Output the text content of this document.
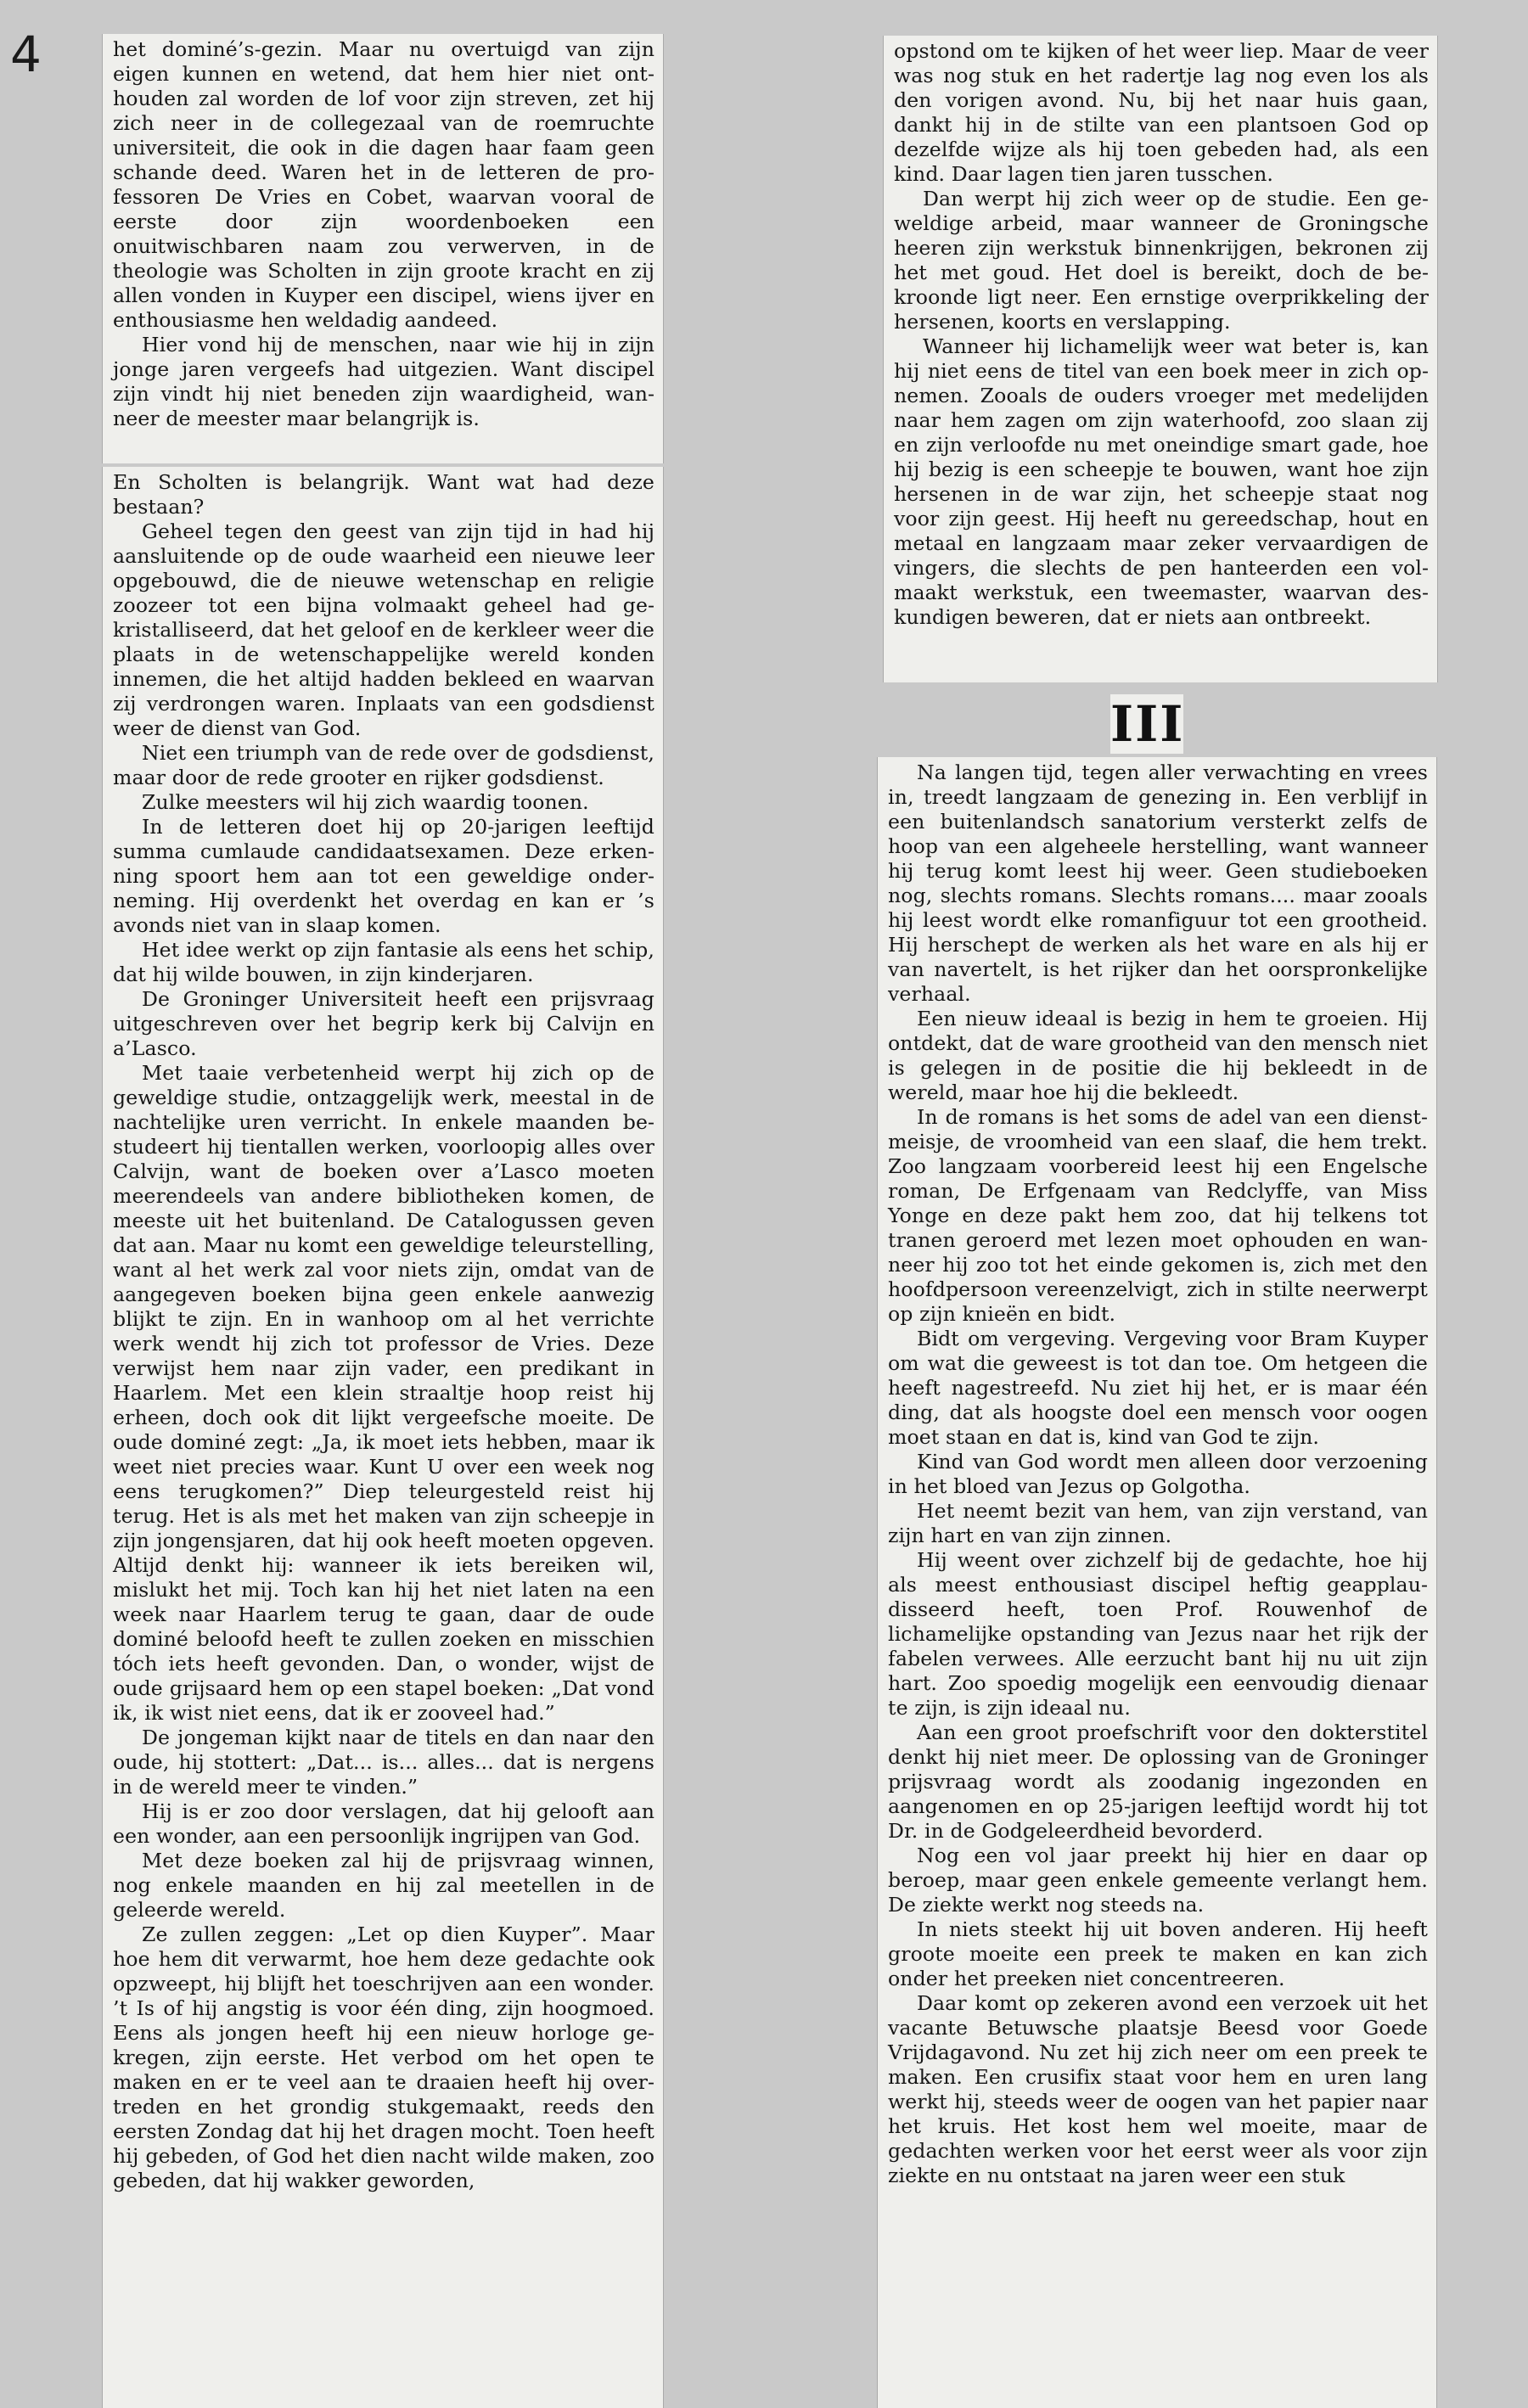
4	het dominé’s-gezin. Maar nu overtuigd van zijn eigen kunnen en wetend, dat hem hier niet onthouden zal worden de lof voor zijn streven, zet hij zich neer in de collegezaal van de roemruchte universiteit, die ook in die dagen haar faam geen schande deed. Waren het in de letteren de professoren De Vries en Cobet, waarvan vooral de eerste door zijn woordenboeken een onuitwischbaren naam zou verwerven, in de theologie was Scholten in zijn groote kracht en zij allen vonden in Kuyper een discipel, wiens ijver en enthousiasme hen weldadig aandeed.

Hier vond hij de menschen, naar wie hij in zijn jonge jaren vergeefs had uitgezien. Want discipel zijn vindt hij niet beneden zijn waardigheid, wanneer de meester maar belangrijk is.

En Scholten is belangrijk. Want wat had deze bestaan?

Geheel tegen den geest van zijn tijd in had hij aansluitende op de oude waarheid een nieuwe leer opgebouwd, die de nieuwe wetenschap en religie zoozeer tot een bijna volmaakt geheel had gekristalliseerd, dat het geloof en de kerkleer weer die plaats in de wetenschappelijke wereld konden innemen, die het altijd hadden bekleed en waarvan zij verdrongen waren. Inplaats van een godsdienst weer de dienst van God.

Niet een triumph van de rede over de godsdienst, maar door de rede grooter en rijker godsdienst.

Zulke meesters wil hij zich waardig toonen.

In de letteren doet hij op 20-jarigen leeftijd summa cumlaude candidaatsexamen. Deze erkenning spoort hem aan tot een geweldige onderneming. Hij overdenkt het overdag en kan er ’s avonds niet van in slaap komen.

Het idee werkt op zijn fantasie als eens het schip, dat hij wilde bouwen, in zijn kinderjaren.

De Groninger Universiteit heeft een prijsvraag uitgeschreven over het begrip kerk bij Calvijn en a’Lasco.

Met taaie verbetenheid werpt hij zich op de geweldige studie, ontzaggelijk werk, meestal in de nachtelijke uren verricht. In enkele maanden bestudeert hij tientallen werken, voorloopig alles over Calvijn, want de boeken over a’Lasco moeten meerendeels van andere bibliotheken komen, de meeste uit het buitenland. De Catalogussen geven dat aan. Maar nu komt een geweldige teleurstelling, want al het werk zal voor niets zijn, omdat van de aangegeven boeken bijna geen enkele aanwezig blijkt te zijn. En in wanhoop om al het verrichte werk wendt hij zich tot professor de Vries. Deze verwijst hem naar zijn vader, een predikant in Haarlem. Met een klein straaltje hoop reist hij erheen, doch ook dit lijkt vergeefsche moeite. De oude dominé zegt: „Ja, ik moet iets hebben, maar ik weet niet precies waar. Kunt U over een week nog eens terugkomen?” Diep teleurgesteld reist hij terug. Het is als met het maken van zijn scheepje in zijn jongensjaren, dat hij ook heeft moeten opgeven. Altijd denkt hij: wanneer ik iets bereiken wil, mislukt het mij. Toch kan hij het niet laten na een week naar Haarlem terug te gaan, daar de oude dominé beloofd heeft te zullen zoeken en misschien tóch iets heeft gevonden. Dan, o wonder, wijst de oude grijsaard hem op een stapel boeken: „Dat vond ik, ik wist niet eens, dat ik er zooveel had.”

De jongeman kijkt naar de titels en dan naar den oude, hij stottert: „Dat... is... alles... dat is nergens in de wereld meer te vinden.”

Hij is er zoo door verslagen, dat hij gelooft aan een wonder, aan een persoonlijk ingrijpen van God.

Met deze boeken zal hij de prijsvraag winnen, nog enkele maanden en hij zal meetellen in de geleerde wereld.

Ze zullen zeggen: „Let op dien Kuyper”. Maar hoe hem dit verwarmt, hoe hem deze gedachte ook opzweept, hij blijft het toeschrijven aan een wonder. ’t Is of hij angstig is voor één ding, zijn hoogmoed. Eens als jongen heeft hij een nieuw horloge gekregen, zijn eerste. Het verbod om het open te maken en er te veel aan te draaien heeft hij overtreden en het grondig stukgemaakt, reeds den eersten Zondag dat hij het dragen mocht. Toen heeft hij gebeden, of God het dien nacht wilde maken, zoo gebeden, dat hij wakker geworden,

opstond om te kijken of het weer liep. Maar de veer was nog stuk en het radertje lag nog even los als den vorigen avond. Nu, bij het naar huis gaan, dankt hij in de stilte van een plantsoen God op dezelfde wijze als hij toen gebeden had, als een kind. Daar lagen tien jaren tusschen.

Dan werpt hij zich weer op de studie. Een geweldige arbeid, maar wanneer de Groningsche heeren zijn werkstuk binnenkrijgen, bekronen zij het met goud. Het doel is bereikt, doch de bekroonde ligt neer. Een ernstige overprikkeling der hersenen, koorts en verslapping.

Wanneer hij lichamelijk weer wat beter is, kan hij niet eens de titel van een boek meer in zich opnemen. Zooals de ouders vroeger met medelijden naar hem zagen om zijn waterhoofd, zoo slaan zij en zijn verloofde nu met oneindige smart gade, hoe hij bezig is een scheepje te bouwen, want hoe zijn hersenen in de war zijn, het scheepje staat nog voor zijn geest. Hij heeft nu gereedschap, hout en metaal en langzaam maar zeker vervaardigen de vingers, die slechts de pen hanteerden een volmaakt werkstuk, een tweemaster, waarvan deskundigen beweren, dat er niets aan ontbreekt.

III

Na langen tijd, tegen aller verwachting en vrees in, treedt langzaam de genezing in. Een verblijf in een buitenlandsch sanatorium versterkt zelfs de hoop van een algeheele herstelling, want wanneer hij terug komt leest hij weer. Geen studieboeken nog, slechts romans. Slechts romans.... maar zooals hij leest wordt elke romanfiguur tot een grootheid. Hij herschept de werken als het ware en als hij er van navertelt, is het rijker dan het oorspronkelijke verhaal.

Een nieuw ideaal is bezig in hem te groeien. Hij ontdekt, dat de ware grootheid van den mensch niet is gelegen in de positie die hij bekleedt in de wereld, maar hoe hij die bekleedt.

In de romans is het soms de adel van een dienstmeisje, de vroomheid van een slaaf, die hem trekt. Zoo langzaam voorbereid leest hij een Engelsche roman, De Erfgenaam van Redclyffe, van Miss Yonge en deze pakt hem zoo, dat hij telkens tot tranen geroerd met lezen moet ophouden en wanneer hij zoo tot het einde gekomen is, zich met den hoofdpersoon vereenzelvigt, zich in stilte neerwerpt op zijn knieën en bidt.

Bidt om vergeving. Vergeving voor Bram Kuyper om wat die geweest is tot dan toe. Om hetgeen die heeft nagestreefd. Nu ziet hij het, er is maar één ding, dat als hoogste doel een mensch voor oogen moet staan en dat is, kind van God te zijn.

Kind van God wordt men alleen door verzoening in het bloed van Jezus op Golgotha.

Het neemt bezit van hem, van zijn verstand, van zijn hart en van zijn zinnen.

Hij weent over zichzelf bij de gedachte, hoe hij als meest enthousiast discipel heftig geapplaudisseerd heeft, toen Prof. Rouwenhof de lichamelijke opstanding van Jezus naar het rijk der fabelen verwees. Alle eerzucht bant hij nu uit zijn hart. Zoo spoedig mogelijk een eenvoudig dienaar te zijn, is zijn ideaal nu.

Aan een groot proefschrift voor den dokterstitel denkt hij niet meer. De oplossing van de Groninger prijsvraag wordt als zoodanig ingezonden en aangenomen en op 25-jarigen leeftijd wordt hij tot Dr. in de Godgeleerdheid bevorderd.

Nog een vol jaar preekt hij hier en daar op beroep, maar geen enkele gemeente verlangt hem. De ziekte werkt nog steeds na.

In niets steekt hij uit boven anderen. Hij heeft groote moeite een preek te maken en kan zich onder het preeken niet concentreeren.

Daar komt op zekeren avond een verzoek uit het vacante Betuwsche plaatsje Beesd voor Goede Vrijdagavond. Nu zet hij zich neer om een preek te maken. Een crusifix staat voor hem en uren lang werkt hij, steeds weer de oogen van het papier naar het kruis. Het kost hem wel moeite, maar de gedachten werken voor het eerst weer als voor zijn ziekte en nu ontstaat na jaren weer een stuk
